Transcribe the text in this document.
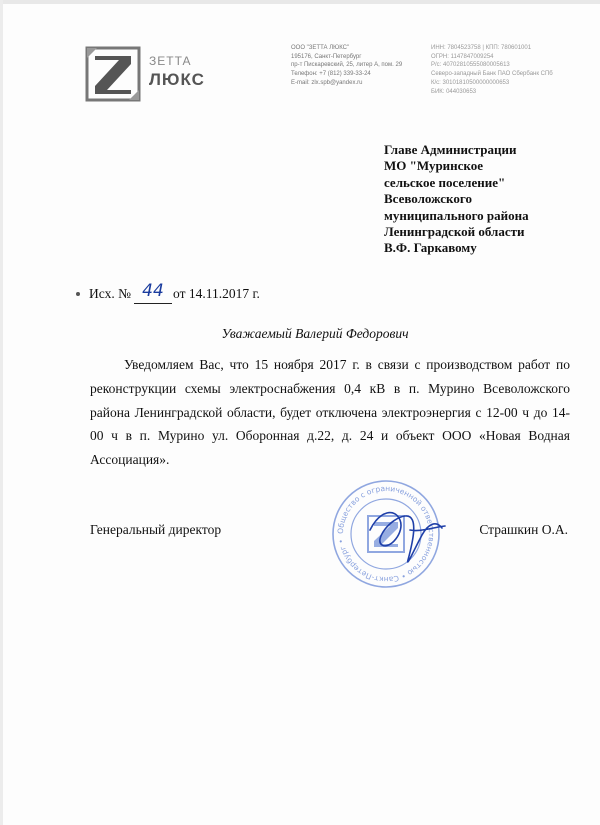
ЗЕТТА
ЛЮКС
ООО "ЗЕТТА ЛЮКС"
195176, Санкт-Петербург
пр-т Пискаревский, 25, литер А, пом. 29
Телефон: +7 (812) 339-33-24
E-mail: zlx.spb@yandex.ru
ИНН: 7804523758 | КПП: 780601001
ОГРН: 1147847009254
Р/с: 40702810555080005613
Северо-западный Банк ПАО Сбербанк СПб
К/с: 30101810500000000653
БИК: 044030653
Главе Администрации
МО "Муринское
сельское поселение"
Всеволожского
муниципального района
Ленинградской области
В.Ф. Гаркавому
Исх. № 44 от 14.11.2017 г.
Уважаемый Валерий Федорович
Уведомляем Вас, что 15 ноября 2017 г. в связи с производством работ по реконструкции схемы электроснабжения 0,4 кВ в п. Мурино Всеволожского района Ленинградской области, будет отключена электроэнергия с 12-00 ч до 14-00 ч в п. Мурино ул. Оборонная д.22, д. 24 и объект ООО «Новая Водная Ассоциация».
Общество с ограниченной ответственностью • Санкт-Петербург •
Генеральный директор	Страшкин О.А.
